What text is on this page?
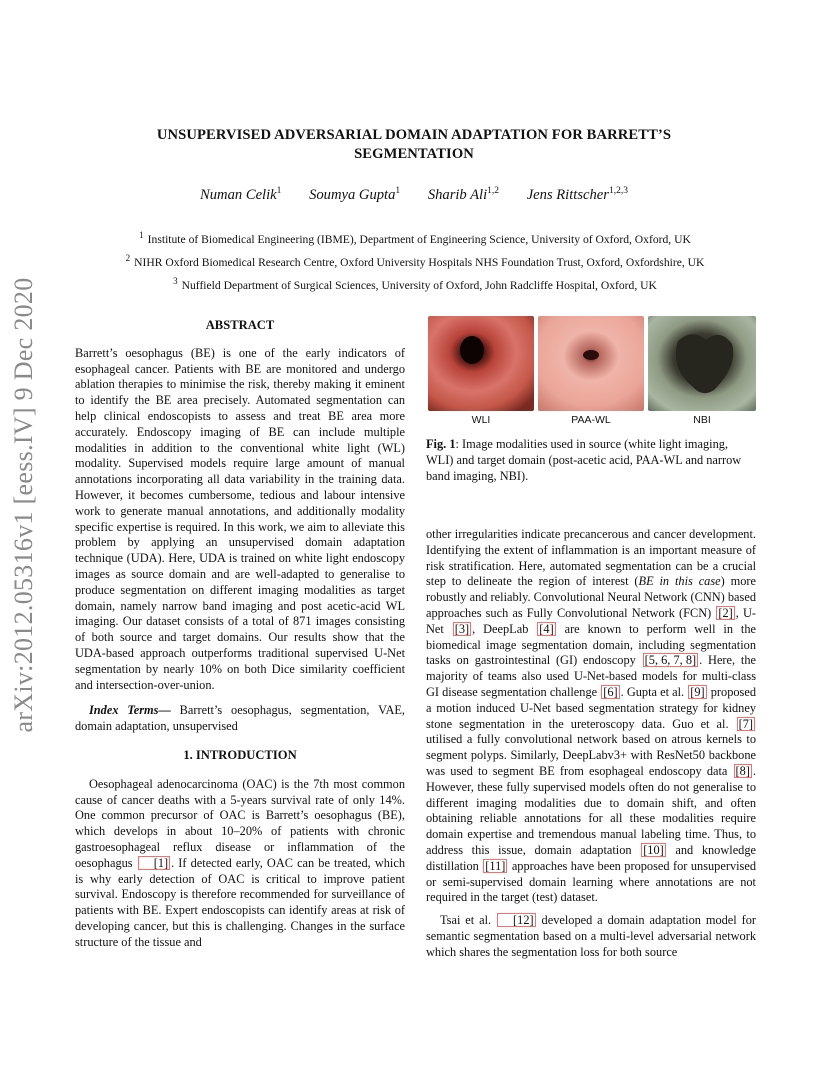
arXiv:2012.05316v1 [eess.IV] 9 Dec 2020
UNSUPERVISED ADVERSARIAL DOMAIN ADAPTATION FOR BARRETT’S
SEGMENTATION
Numan Celik$^1$ Soumya Gupta$^1$ Sharib Ali$^{1,2}$ Jens Rittscher$^{1,2,3}$
$^1$ Institute of Biomedical Engineering (IBME), Department of Engineering Science, University of Oxford, Oxford, UK
$^2$ NIHR Oxford Biomedical Research Centre, Oxford University Hospitals NHS Foundation Trust, Oxford, Oxfordshire, UK
$^3$ Nuffield Department of Surgical Sciences, University of Oxford, John Radcliffe Hospital, Oxford, UK
ABSTRACT

Barrett’s oesophagus (BE) is one of the early indicators of esophageal cancer. Patients with BE are monitored and undergo ablation therapies to minimise the risk, thereby making it eminent to identify the BE area precisely. Automated segmentation can help clinical endoscopists to assess and treat BE area more accurately. Endoscopy imaging of BE can include multiple modalities in addition to the conventional white light (WL) modality. Supervised models require large amount of manual annotations incorporating all data variability in the training data. However, it becomes cumbersome, tedious and labour intensive work to generate manual annotations, and additionally modality specific expertise is required. In this work, we aim to alleviate this problem by applying an unsupervised domain adaptation technique (UDA). Here, UDA is trained on white light endoscopy images as source domain and are well-adapted to generalise to produce segmentation on different imaging modalities as target domain, namely narrow band imaging and post acetic-acid WL imaging. Our dataset consists of a total of 871 images consisting of both source and target domains. Our results show that the UDA-based approach outperforms traditional supervised U-Net segmentation by nearly 10% on both Dice similarity coefficient and intersection-over-union.

Index Terms— Barrett’s oesophagus, segmentation, VAE, domain adaptation, unsupervised

1. INTRODUCTION

Oesophageal adenocarcinoma (OAC) is the 7th most common cause of cancer deaths with a 5-years survival rate of only 14%. One common precursor of OAC is Barrett’s oesophagus (BE), which develops in about 10–20% of patients with chronic gastroesophageal reflux disease or inflammation of the oesophagus [1] . If detected early, OAC can be treated, which is why early detection of OAC is critical to improve patient survival. Endoscopy is therefore recommended for surveillance of patients with BE. Expert endoscopists can identify areas at risk of developing cancer, but this is challenging. Changes in the surface structure of the tissue and

WLI	PAA-WL	NBI
Fig. 1: Image modalities used in source (white light imaging, WLI) and target domain (post-acetic acid, PAA-WL and narrow band imaging, NBI).

other irregularities indicate precancerous and cancer development. Identifying the extent of inflammation is an important measure of risk stratification. Here, automated segmentation can be a crucial step to delineate the region of interest (BE in this case) more robustly and reliably. Convolutional Neural Network (CNN) based approaches such as Fully Convolutional Network (FCN) [2] , U-Net [3] , DeepLab [4] are known to perform well in the biomedical image segmentation domain, including segmentation tasks on gastrointestinal (GI) endoscopy [5, 6, 7, 8] . Here, the majority of teams also used U-Net-based models for multi-class GI disease segmentation challenge [6] . Gupta et al. [9] proposed a motion induced U-Net based segmentation strategy for kidney stone segmentation in the ureteroscopy data. Guo et al. [7] utilised a fully convolutional network based on atrous kernels to segment polyps. Similarly, DeepLabv3+ with ResNet50 backbone was used to segment BE from esophageal endoscopy data [8] . However, these fully supervised models often do not generalise to different imaging modalities due to domain shift, and often obtaining reliable annotations for all these modalities require domain expertise and tremendous manual labeling time. Thus, to address this issue, domain adaptation [10] and knowledge distillation [11] approaches have been proposed for unsupervised or semi-supervised domain learning where annotations are not required in the target (test) dataset.

Tsai et al. [12] developed a domain adaptation model for semantic segmentation based on a multi-level adversarial network which shares the segmentation loss for both source
